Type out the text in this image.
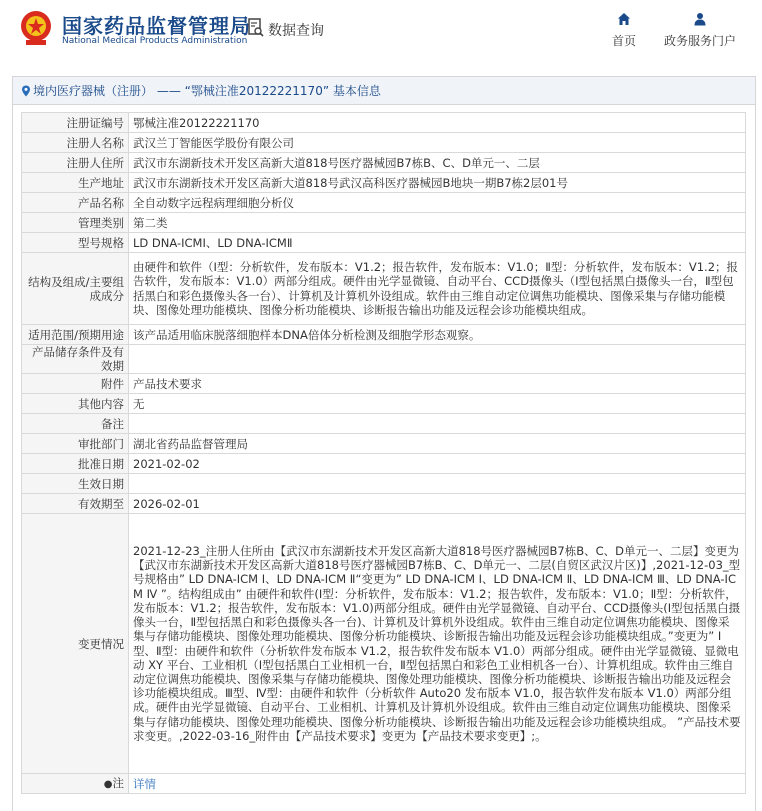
国家药品监督管理局
National Medical Products Administration
数据查询
首页	政务服务门户
境内医疗器械（注册） —— “鄂械注准20122221170” 基本信息
注册证编号	鄂械注准20122221170
注册人名称	武汉兰丁智能医学股份有限公司
注册人住所	武汉市东湖新技术开发区高新大道818号医疗器械园B7栋B、C、D单元一、二层
生产地址	武汉市东湖新技术开发区高新大道818号武汉高科医疗器械园B地块一期B7栋2层01号
产品名称	全自动数字远程病理细胞分析仪
管理类别	第二类
型号规格	LD DNA-ICMⅠ、LD DNA-ICMⅡ
结构及组成/主要组成成分	由硬件和软件（Ⅰ型：分析软件，发布版本：V1.2；报告软件，发布版本：V1.0；Ⅱ型：分析软件，发布版本：V1.2；报告软件，发布版本：V1.0）两部分组成。硬件由光学显微镜、自动平台、CCD摄像头（Ⅰ型包括黑白摄像头一台，Ⅱ型包括黑白和彩色摄像头各一台）、计算机及计算机外设组成。软件由三维自动定位调焦功能模块、图像采集与存储功能模块、图像处理功能模块、图像分析功能模块、诊断报告输出功能及远程会诊功能模块组成。
适用范围/预期用途	该产品适用临床脱落细胞样本DNA倍体分析检测及细胞学形态观察。
产品储存条件及有效期	
附件	产品技术要求
其他内容	无
备注	
审批部门	湖北省药品监督管理局
批准日期	2021-02-02
生效日期	
有效期至	2026-02-01
变更情况	2021-12-23_注册人住所由【武汉市东湖新技术开发区高新大道818号医疗器械园B7栋B、C、D单元一、二层】变更为【武汉市东湖新技术开发区高新大道818号医疗器械园B7栋B、C、D单元一、二层(自贸区武汉片区)】,2021-12-03_型号规格由” LD DNA-ICM Ⅰ、LD DNA-ICM Ⅱ“变更为” LD DNA-ICM Ⅰ、LD DNA-ICM Ⅱ、LD DNA-ICM Ⅲ、LD DNA-ICM Ⅳ ”。结构组成由” 由硬件和软件(Ⅰ型：分析软件，发布版本：V1.2；报告软件，发布版本：V1.0；Ⅱ型：分析软件，发布版本：V1.2；报告软件，发布版本：V1.0)两部分组成。硬件由光学显微镜、自动平台、CCD摄像头(Ⅰ型包括黑白摄像头一台，Ⅱ型包括黑白和彩色摄像头各一台)、计算机及计算机外设组成。软件由三维自动定位调焦功能模块、图像采集与存储功能模块、图像处理功能模块、图像分析功能模块、诊断报告输出功能及远程会诊功能模块组成。”变更为” Ⅰ型、Ⅱ型：由硬件和软件（分析软件发布版本 V1.2，报告软件发布版本 V1.0）两部分组成。硬件由光学显微镜、显微电动 XY 平台、工业相机（Ⅰ型包括黑白工业相机一台，Ⅱ型包括黑白和彩色工业相机各一台）、计算机组成。软件由三维自动定位调焦功能模块、图像采集与存储功能模块、图像处理功能模块、图像分析功能模块、诊断报告输出功能及远程会诊功能模块组成。Ⅲ型、Ⅳ型：由硬件和软件（分析软件 Auto20 发布版本 V1.0，报告软件发布版本 V1.0）两部分组成。硬件由光学显微镜、自动平台、工业相机、计算机及计算机外设组成。软件由三维自动定位调焦功能模块、图像采集与存储功能模块、图像处理功能模块、图像分析功能模块、诊断报告输出功能及远程会诊功能模块组成。 ”产品技术要求变更。,2022-03-16_附件由【产品技术要求】变更为【产品技术要求变更】;。
●注	详情
